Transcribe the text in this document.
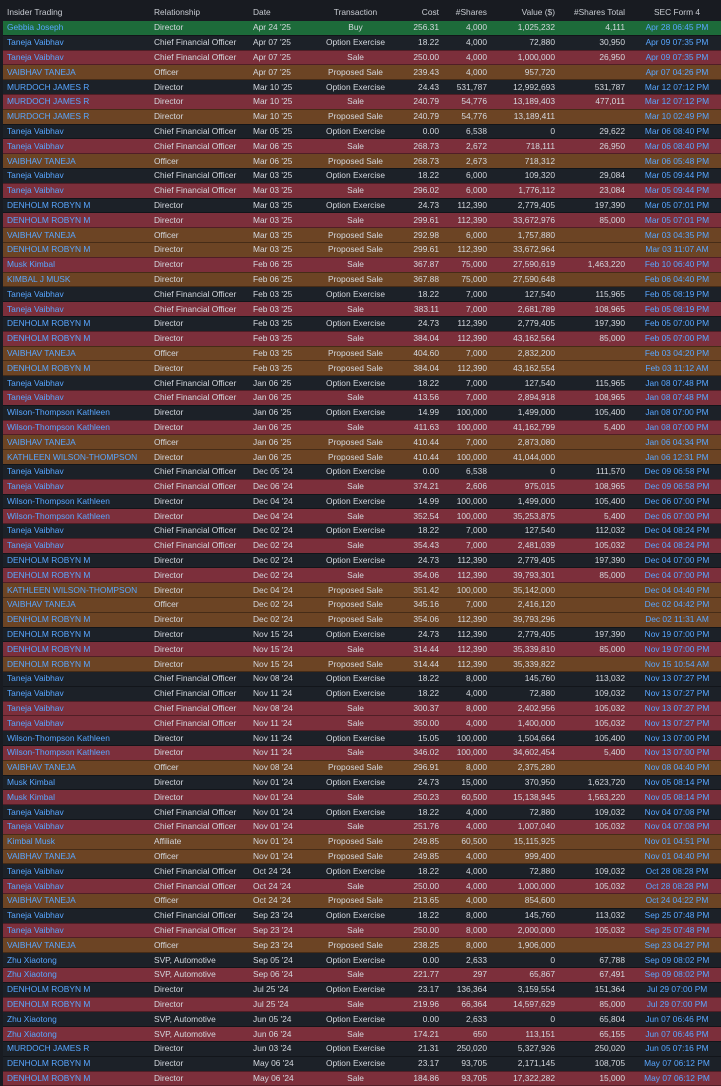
Insider Trading	Relationship	Date	Transaction	Cost	#Shares	Value ($)	#Shares Total	SEC Form 4
Gebbia Joseph	Director	Apr 24 '25	Buy	256.31	4,000	1,025,232	4,111	Apr 28 06:45 PM
Taneja Vaibhav	Chief Financial Officer	Apr 07 '25	Option Exercise	18.22	4,000	72,880	30,950	Apr 09 07:35 PM
Taneja Vaibhav	Chief Financial Officer	Apr 07 '25	Sale	250.00	4,000	1,000,000	26,950	Apr 09 07:35 PM
VAIBHAV TANEJA	Officer	Apr 07 '25	Proposed Sale	239.43	4,000	957,720		Apr 07 04:26 PM
MURDOCH JAMES R	Director	Mar 10 '25	Option Exercise	24.43	531,787	12,992,693	531,787	Mar 12 07:12 PM
MURDOCH JAMES R	Director	Mar 10 '25	Sale	240.79	54,776	13,189,403	477,011	Mar 12 07:12 PM
MURDOCH JAMES R	Director	Mar 10 '25	Proposed Sale	240.79	54,776	13,189,411		Mar 10 02:49 PM
Taneja Vaibhav	Chief Financial Officer	Mar 05 '25	Option Exercise	0.00	6,538	0	29,622	Mar 06 08:40 PM
Taneja Vaibhav	Chief Financial Officer	Mar 06 '25	Sale	268.73	2,672	718,111	26,950	Mar 06 08:40 PM
VAIBHAV TANEJA	Officer	Mar 06 '25	Proposed Sale	268.73	2,673	718,312		Mar 06 05:48 PM
Taneja Vaibhav	Chief Financial Officer	Mar 03 '25	Option Exercise	18.22	6,000	109,320	29,084	Mar 05 09:44 PM
Taneja Vaibhav	Chief Financial Officer	Mar 03 '25	Sale	296.02	6,000	1,776,112	23,084	Mar 05 09:44 PM
DENHOLM ROBYN M	Director	Mar 03 '25	Option Exercise	24.73	112,390	2,779,405	197,390	Mar 05 07:01 PM
DENHOLM ROBYN M	Director	Mar 03 '25	Sale	299.61	112,390	33,672,976	85,000	Mar 05 07:01 PM
VAIBHAV TANEJA	Officer	Mar 03 '25	Proposed Sale	292.98	6,000	1,757,880		Mar 03 04:35 PM
DENHOLM ROBYN M	Director	Mar 03 '25	Proposed Sale	299.61	112,390	33,672,964		Mar 03 11:07 AM
Musk Kimbal	Director	Feb 06 '25	Sale	367.87	75,000	27,590,619	1,463,220	Feb 10 06:40 PM
KIMBAL J MUSK	Director	Feb 06 '25	Proposed Sale	367.88	75,000	27,590,648		Feb 06 04:40 PM
Taneja Vaibhav	Chief Financial Officer	Feb 03 '25	Option Exercise	18.22	7,000	127,540	115,965	Feb 05 08:19 PM
Taneja Vaibhav	Chief Financial Officer	Feb 03 '25	Sale	383.11	7,000	2,681,789	108,965	Feb 05 08:19 PM
DENHOLM ROBYN M	Director	Feb 03 '25	Option Exercise	24.73	112,390	2,779,405	197,390	Feb 05 07:00 PM
DENHOLM ROBYN M	Director	Feb 03 '25	Sale	384.04	112,390	43,162,564	85,000	Feb 05 07:00 PM
VAIBHAV TANEJA	Officer	Feb 03 '25	Proposed Sale	404.60	7,000	2,832,200		Feb 03 04:20 PM
DENHOLM ROBYN M	Director	Feb 03 '25	Proposed Sale	384.04	112,390	43,162,554		Feb 03 11:12 AM
Taneja Vaibhav	Chief Financial Officer	Jan 06 '25	Option Exercise	18.22	7,000	127,540	115,965	Jan 08 07:48 PM
Taneja Vaibhav	Chief Financial Officer	Jan 06 '25	Sale	413.56	7,000	2,894,918	108,965	Jan 08 07:48 PM
Wilson-Thompson Kathleen	Director	Jan 06 '25	Option Exercise	14.99	100,000	1,499,000	105,400	Jan 08 07:00 PM
Wilson-Thompson Kathleen	Director	Jan 06 '25	Sale	411.63	100,000	41,162,799	5,400	Jan 08 07:00 PM
VAIBHAV TANEJA	Officer	Jan 06 '25	Proposed Sale	410.44	7,000	2,873,080		Jan 06 04:34 PM
KATHLEEN WILSON-THOMPSON	Director	Jan 06 '25	Proposed Sale	410.44	100,000	41,044,000		Jan 06 12:31 PM
Taneja Vaibhav	Chief Financial Officer	Dec 05 '24	Option Exercise	0.00	6,538	0	111,570	Dec 09 06:58 PM
Taneja Vaibhav	Chief Financial Officer	Dec 06 '24	Sale	374.21	2,606	975,015	108,965	Dec 09 06:58 PM
Wilson-Thompson Kathleen	Director	Dec 04 '24	Option Exercise	14.99	100,000	1,499,000	105,400	Dec 06 07:00 PM
Wilson-Thompson Kathleen	Director	Dec 04 '24	Sale	352.54	100,000	35,253,875	5,400	Dec 06 07:00 PM
Taneja Vaibhav	Chief Financial Officer	Dec 02 '24	Option Exercise	18.22	7,000	127,540	112,032	Dec 04 08:24 PM
Taneja Vaibhav	Chief Financial Officer	Dec 02 '24	Sale	354.43	7,000	2,481,039	105,032	Dec 04 08:24 PM
DENHOLM ROBYN M	Director	Dec 02 '24	Option Exercise	24.73	112,390	2,779,405	197,390	Dec 04 07:00 PM
DENHOLM ROBYN M	Director	Dec 02 '24	Sale	354.06	112,390	39,793,301	85,000	Dec 04 07:00 PM
KATHLEEN WILSON-THOMPSON	Director	Dec 04 '24	Proposed Sale	351.42	100,000	35,142,000		Dec 04 04:40 PM
VAIBHAV TANEJA	Officer	Dec 02 '24	Proposed Sale	345.16	7,000	2,416,120		Dec 02 04:42 PM
DENHOLM ROBYN M	Director	Dec 02 '24	Proposed Sale	354.06	112,390	39,793,296		Dec 02 11:31 AM
DENHOLM ROBYN M	Director	Nov 15 '24	Option Exercise	24.73	112,390	2,779,405	197,390	Nov 19 07:00 PM
DENHOLM ROBYN M	Director	Nov 15 '24	Sale	314.44	112,390	35,339,810	85,000	Nov 19 07:00 PM
DENHOLM ROBYN M	Director	Nov 15 '24	Proposed Sale	314.44	112,390	35,339,822		Nov 15 10:54 AM
Taneja Vaibhav	Chief Financial Officer	Nov 08 '24	Option Exercise	18.22	8,000	145,760	113,032	Nov 13 07:27 PM
Taneja Vaibhav	Chief Financial Officer	Nov 11 '24	Option Exercise	18.22	4,000	72,880	109,032	Nov 13 07:27 PM
Taneja Vaibhav	Chief Financial Officer	Nov 08 '24	Sale	300.37	8,000	2,402,956	105,032	Nov 13 07:27 PM
Taneja Vaibhav	Chief Financial Officer	Nov 11 '24	Sale	350.00	4,000	1,400,000	105,032	Nov 13 07:27 PM
Wilson-Thompson Kathleen	Director	Nov 11 '24	Option Exercise	15.05	100,000	1,504,664	105,400	Nov 13 07:00 PM
Wilson-Thompson Kathleen	Director	Nov 11 '24	Sale	346.02	100,000	34,602,454	5,400	Nov 13 07:00 PM
VAIBHAV TANEJA	Officer	Nov 08 '24	Proposed Sale	296.91	8,000	2,375,280		Nov 08 04:40 PM
Musk Kimbal	Director	Nov 01 '24	Option Exercise	24.73	15,000	370,950	1,623,720	Nov 05 08:14 PM
Musk Kimbal	Director	Nov 01 '24	Sale	250.23	60,500	15,138,945	1,563,220	Nov 05 08:14 PM
Taneja Vaibhav	Chief Financial Officer	Nov 01 '24	Option Exercise	18.22	4,000	72,880	109,032	Nov 04 07:08 PM
Taneja Vaibhav	Chief Financial Officer	Nov 01 '24	Sale	251.76	4,000	1,007,040	105,032	Nov 04 07:08 PM
Kimbal Musk	Affiliate	Nov 01 '24	Proposed Sale	249.85	60,500	15,115,925		Nov 01 04:51 PM
VAIBHAV TANEJA	Officer	Nov 01 '24	Proposed Sale	249.85	4,000	999,400		Nov 01 04:40 PM
Taneja Vaibhav	Chief Financial Officer	Oct 24 '24	Option Exercise	18.22	4,000	72,880	109,032	Oct 28 08:28 PM
Taneja Vaibhav	Chief Financial Officer	Oct 24 '24	Sale	250.00	4,000	1,000,000	105,032	Oct 28 08:28 PM
VAIBHAV TANEJA	Officer	Oct 24 '24	Proposed Sale	213.65	4,000	854,600		Oct 24 04:22 PM
Taneja Vaibhav	Chief Financial Officer	Sep 23 '24	Option Exercise	18.22	8,000	145,760	113,032	Sep 25 07:48 PM
Taneja Vaibhav	Chief Financial Officer	Sep 23 '24	Sale	250.00	8,000	2,000,000	105,032	Sep 25 07:48 PM
VAIBHAV TANEJA	Officer	Sep 23 '24	Proposed Sale	238.25	8,000	1,906,000		Sep 23 04:27 PM
Zhu Xiaotong	SVP, Automotive	Sep 05 '24	Option Exercise	0.00	2,633	0	67,788	Sep 09 08:02 PM
Zhu Xiaotong	SVP, Automotive	Sep 06 '24	Sale	221.77	297	65,867	67,491	Sep 09 08:02 PM
DENHOLM ROBYN M	Director	Jul 25 '24	Option Exercise	23.17	136,364	3,159,554	151,364	Jul 29 07:00 PM
DENHOLM ROBYN M	Director	Jul 25 '24	Sale	219.96	66,364	14,597,629	85,000	Jul 29 07:00 PM
Zhu Xiaotong	SVP, Automotive	Jun 05 '24	Option Exercise	0.00	2,633	0	65,804	Jun 07 06:46 PM
Zhu Xiaotong	SVP, Automotive	Jun 06 '24	Sale	174.21	650	113,151	65,155	Jun 07 06:46 PM
MURDOCH JAMES R	Director	Jun 03 '24	Option Exercise	21.31	250,020	5,327,926	250,020	Jun 05 07:16 PM
DENHOLM ROBYN M	Director	May 06 '24	Option Exercise	23.17	93,705	2,171,145	108,705	May 07 06:12 PM
DENHOLM ROBYN M	Director	May 06 '24	Sale	184.86	93,705	17,322,282	15,000	May 07 06:12 PM
